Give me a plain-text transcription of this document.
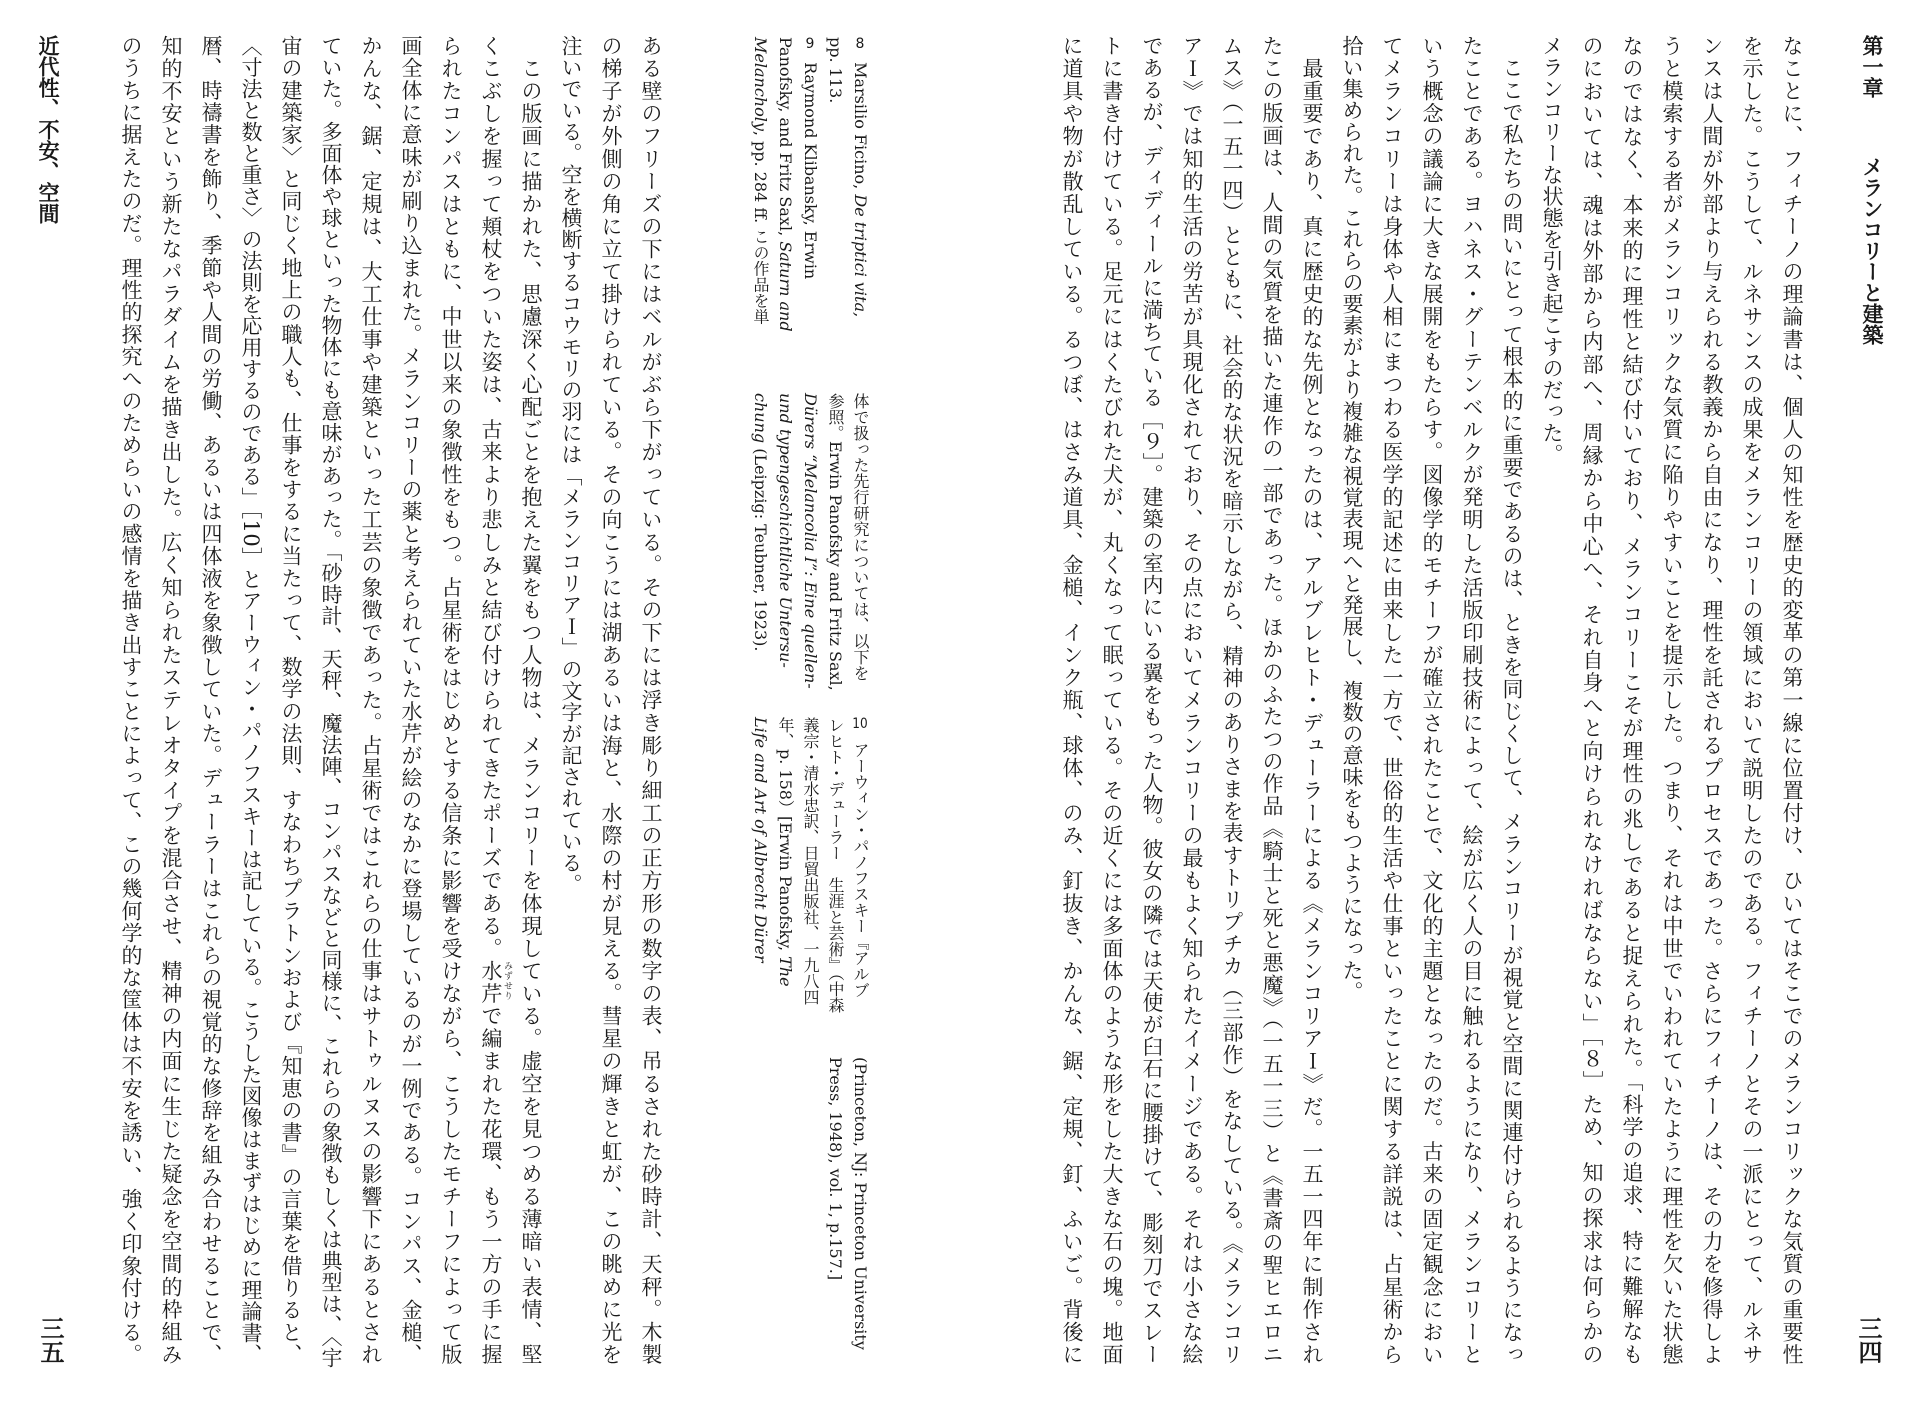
近代性、不安、空間
三五	ある壁のフリーズの下にはベルがぶら下がっている。その下には浮き彫り細工の正方形の数字の表、吊るされた砂時計、天秤。木製
の梯子が外側の角に立て掛けられている。その向こうには湖あるいは海と、水際の村が見える。彗星の輝きと虹が、この眺めに光を
注いでいる。空を横断するコウモリの羽には「メランコリアＩ」の文字が記されている。
　この版画に描かれた、思慮深く心配ごとを抱えた翼をもつ人物は、メランコリーを体現している。虚空を見つめる薄暗い表情、堅
くこぶしを握って頬杖をついた姿は、古来より悲しみと結び付けられてきたポーズである。水芹で編まれた花環、もう一方の手に握
られたコンパスはともに、中世以来の象徴性をもつ。占星術をはじめとする信条に影響を受けながら、こうしたモチーフによって版
画全体に意味が刷り込まれた。メランコリーの薬と考えられていた水芹が絵のなかに登場しているのが一例である。コンパス、金槌、
かんな、鋸、定規は、大工仕事や建築といった工芸の象徴であった。占星術ではこれらの仕事はサトゥルヌスの影響下にあるとされ
ていた。多面体や球といった物体にも意味があった。「砂時計、天秤、魔法陣、コンパスなどと同様に、これらの象徴もしくは典型は、〈宇
宙の建築家〉と同じく地上の職人も、仕事をするに当たって、数学の法則、すなわちプラトンおよび『知恵の書』の言葉を借りると、
〈寸法と数と重さ〉の法則を応用するのである」［10］とアーウィン・パノフスキーは記している。こうした図像はまずはじめに理論書、
暦、時禱書を飾り、季節や人間の労働、あるいは四体液を象徴していた。デューラーはこれらの視覚的な修辞を組み合わせることで、
知的不安という新たなパラダイムを描き出した。広く知られたステレオタイプを混合させ、精神の内面に生じた疑念を空間的枠組み
のうちに据えたのだ。理性的探究へのためらいの感情を描き出すことによって、この幾何学的な筐体は不安を誘い、強く印象付ける。	みずせり
8 Marsilio Ficino, De triptici vita,
pp. 113.
9 Raymond Klibansky, Erwin
Panofsky, and Fritz Saxl, Saturn and
Melancholy, pp. 284 ff. この作品を単
体で扱った先行研究については、以下を
参照。Erwin Panofsky and Fritz Saxl,
Dürers “Melancolia I”: Eine quellen-
und typengeschichtliche Untersu-
chung (Leipzig: Teubner, 1923).
10 アーウィン・パノフスキー『アルブ
レヒト・デューラー　生涯と芸術』（中森
義宗・清水忠訳、日貿出版社、一九八四
年、p. 158）[Erwin Panofsky, The
Life and Art of Albrecht Dürer
(Princeton, NJ: Princeton University
Press, 1948), vol. 1, p.157.]
第一章メランコリーと建築
三四
なことに、フィチーノの理論書は、個人の知性を歴史的変革の第一線に位置付け、ひいてはそこでのメランコリックな気質の重要性
を示した。こうして、ルネサンスの成果をメランコリーの領域において説明したのである。フィチーノとその一派にとって、ルネサ
ンスは人間が外部より与えられる教義から自由になり、理性を託されるプロセスであった。さらにフィチーノは、その力を修得しよ
うと模索する者がメランコリックな気質に陥りやすいことを提示した。つまり、それは中世でいわれていたように理性を欠いた状態
なのではなく、本来的に理性と結び付いており、メランコリーこそが理性の兆しであると捉えられた。「科学の追求、特に難解なも
のにおいては、魂は外部から内部へ、周縁から中心へ、それ自身へと向けられなければならない」［８］ため、知の探求は何らかの
メランコリーな状態を引き起こすのだった。
　ここで私たちの問いにとって根本的に重要であるのは、ときを同じくして、メランコリーが視覚と空間に関連付けられるようになっ
たことである。ヨハネス・グーテンベルクが発明した活版印刷技術によって、絵が広く人の目に触れるようになり、メランコリーと
いう概念の議論に大きな展開をもたらす。図像学的モチーフが確立されたことで、文化的主題となったのだ。古来の固定観念におい
てメランコリーは身体や人相にまつわる医学的記述に由来した一方で、世俗的生活や仕事といったことに関する詳説は、占星術から
拾い集められた。これらの要素がより複雑な視覚表現へと発展し、複数の意味をもつようになった。
　最重要であり、真に歴史的な先例となったのは、アルブレヒト・デューラーによる《メランコリアＩ》だ。一五一四年に制作され
たこの版画は、人間の気質を描いた連作の一部であった。ほかのふたつの作品《騎士と死と悪魔》（一五一三）と《書斎の聖ヒエロニ
ムス》（一五一四）とともに、社会的な状況を暗示しながら、精神のありさまを表すトリプチカ（三部作）をなしている。《メランコリ
アＩ》では知的生活の労苦が具現化されており、その点においてメランコリーの最もよく知られたイメージである。それは小さな絵
であるが、ディディールに満ちている［９］。建築の室内にいる翼をもった人物。彼女の隣では天使が臼石に腰掛けて、彫刻刀でスレー
トに書き付けている。足元にはくたびれた犬が、丸くなって眠っている。その近くには多面体のような形をした大きな石の塊。地面
に道具や物が散乱している。るつぼ、はさみ道具、金槌、インク瓶、球体、のみ、釘抜き、かんな、鋸、定規、釘、ふいご。背後に
